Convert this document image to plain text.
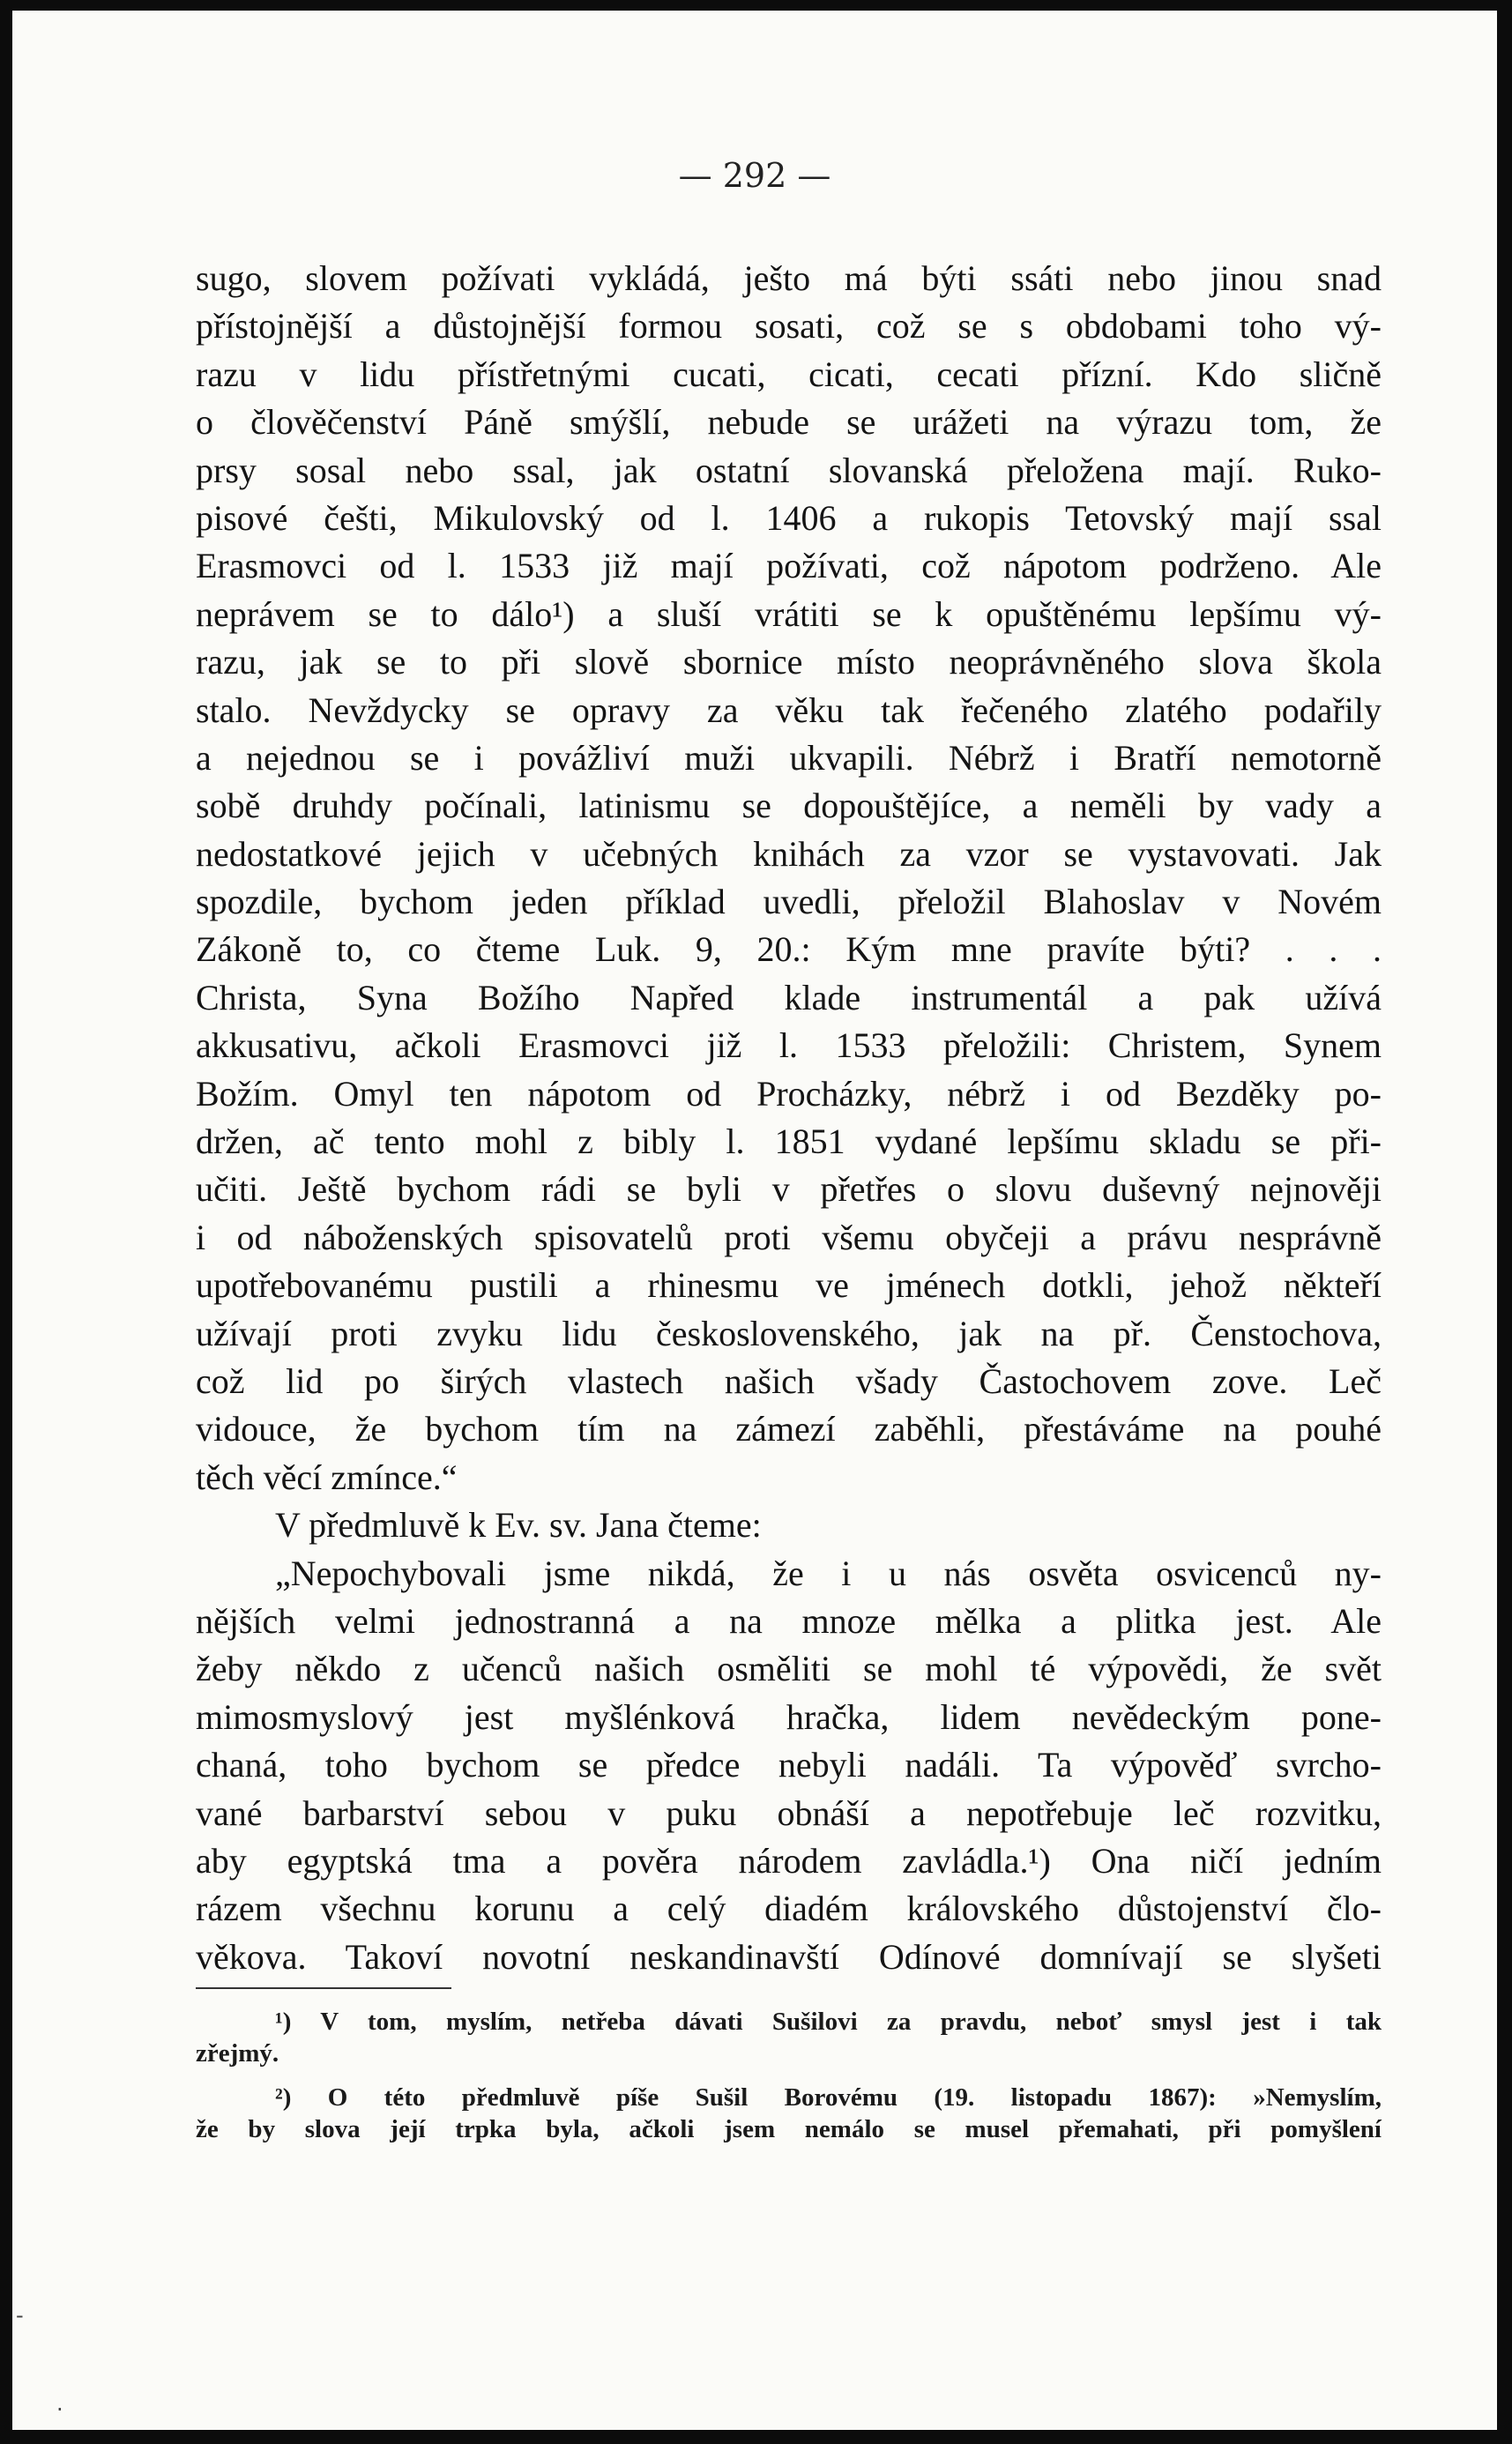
— 292 —
sugo, slovem požívati vykládá, ješto má býti ssáti nebo jinou snad
přístojnější a důstojnější formou sosati, což se s obdobami toho vý-
razu v lidu přístřetnými cucati, cicati, cecati přízní. Kdo sličně
o člověčenství Páně smýšlí, nebude se urážeti na výrazu tom, že
prsy sosal nebo ssal, jak ostatní slovanská přeložena mají. Ruko-
pisové češti, Mikulovský od l. 1406 a rukopis Tetovský mají ssal
Erasmovci od l. 1533 již mají požívati, což nápotom podrženo. Ale
neprávem se to dálo¹) a sluší vrátiti se k opuštěnému lepšímu vý-
razu, jak se to při slově sbornice místo neoprávněného slova škola
stalo. Nevždycky se opravy za věku tak řečeného zlatého podařily
a nejednou se i povážliví muži ukvapili. Nébrž i Bratří nemotorně
sobě druhdy počínali, latinismu se dopouštějíce, a neměli by vady a
nedostatkové jejich v učebných knihách za vzor se vystavovati. Jak
spozdile, bychom jeden příklad uvedli, přeložil Blahoslav v Novém
Zákoně to, co čteme Luk. 9, 20.: Kým mne pravíte býti? . . .
Christa, Syna Božího Napřed klade instrumentál a pak užívá
akkusativu, ačkoli Erasmovci již l. 1533 přeložili: Christem, Synem
Božím. Omyl ten nápotom od Procházky, nébrž i od Bezděky po-
držen, ač tento mohl z bibly l. 1851 vydané lepšímu skladu se při-
učiti. Ještě bychom rádi se byli v přetřes o slovu duševný nejnověji
i od náboženských spisovatelů proti všemu obyčeji a právu nesprávně
upotřebovanému pustili a rhinesmu ve jménech dotkli, jehož někteří
užívají proti zvyku lidu československého, jak na př. Čenstochova,
což lid po širých vlastech našich všady Častochovem zove. Leč
vidouce, že bychom tím na zámezí zaběhli, přestáváme na pouhé
těch věcí zmínce.“
V předmluvě k Ev. sv. Jana čteme:
„Nepochybovali jsme nikdá, že i u nás osvěta osvicenců ny-
nějších velmi jednostranná a na mnoze mělka a plitka jest. Ale
žeby někdo z učenců našich osměliti se mohl té výpovědi, že svět
mimosmyslový jest myšlénková hračka, lidem nevědeckým pone-
chaná, toho bychom se předce nebyli nadáli. Ta výpověď svrcho-
vané barbarství sebou v puku obnáší a nepotřebuje leč rozvitku,
aby egyptská tma a pověra národem zavládla.¹) Ona ničí jedním
rázem všechnu korunu a celý diadém královského důstojenství člo-
věkova. Takoví novotní neskandinavští Odínové domnívají se slyšeti
¹) V tom, myslím, netřeba dávati Sušilovi za pravdu, neboť smysl jest i tak
zřejmý.
²) O této předmluvě píše Sušil Borovému (19. listopadu 1867): »Nemyslím,
že by slova její trpka byla, ačkoli jsem nemálo se musel přemahati, při pomyšlení
-
.
